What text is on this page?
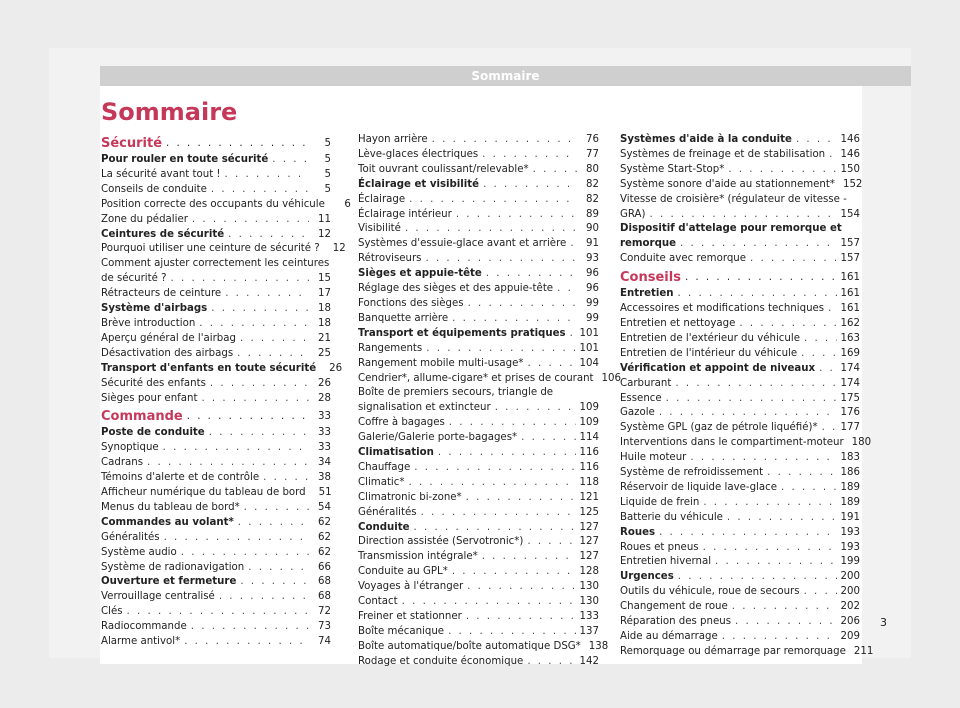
Sommaire
Sommaire
Sécurité . . .	5
Pour rouler en toute sécurité . . .	5
La sécurité avant tout ! . . .	5
Conseils de conduite . . .	5
Position correcte des occupants du véhicule	6
Zone du pédalier . . .	11
Ceintures de sécurité . . .	12
Pourquoi utiliser une ceinture de sécurité ?	12
Comment ajuster correctement les ceintures
de sécurité ? . . .	15
Rétracteurs de ceinture . . .	17
Système d'airbags . . .	18
Brève introduction . . .	18
Aperçu général de l'airbag . . .	21
Désactivation des airbags . . .	25
Transport d'enfants en toute sécurité	26
Sécurité des enfants . . .	26
Sièges pour enfant . . .	28
Commande . . .	33
Poste de conduite . . .	33
Synoptique . . .	33
Cadrans . . .	34
Témoins d'alerte et de contrôle . . .	38
Afficheur numérique du tableau de bord	51
Menus du tableau de bord* . . .	54
Commandes au volant* . . .	62
Généralités . . .	62
Système audio . . .	62
Système de radionavigation . . .	66
Ouverture et fermeture . . .	68
Verrouillage centralisé . . .	68
Clés . . .	72
Radiocommande . . .	73
Alarme antivol* . . .	74
Hayon arrière . . .	76
Lève-glaces électriques . . .	77
Toit ouvrant coulissant/relevable* . . .	80
Éclairage et visibilité . . .	82
Éclairage . . .	82
Éclairage intérieur . . .	89
Visibilité . . .	90
Systèmes d'essuie-glace avant et arrière . . .	91
Rétroviseurs . . .	93
Sièges et appuie-tête . . .	96
Réglage des sièges et des appuie-tête . . .	96
Fonctions des sièges . . .	99
Banquette arrière . . .	99
Transport et équipements pratiques . . . 101
Rangements . . .	101
Rangement mobile multi-usage* . . .	104
Cendrier*, allume-cigare* et prises de courant 106
Boîte de premiers secours, triangle de
signalisation et extincteur . . .	109
Coffre à bagages . . .	109
Galerie/Galerie porte-bagages* . . .	114
Climatisation . . .	116
Chauffage . . .	116
Climatic* . . .	118
Climatronic bi-zone* . . .	121
Généralités . . .	125
Conduite . . .	127
Direction assistée (Servotronic*) . . .	127
Transmission intégrale* . . .	127
Conduite au GPL* . . .	128
Voyages à l'étranger . . .	130
Contact . . .	130
Freiner et stationner . . .	133
Boîte mécanique . . .	137
Boîte automatique/boîte automatique DSG* 138
Rodage et conduite économique . . .	142
Systèmes d'aide à la conduite . . .	146
Systèmes de freinage et de stabilisation . . . 146
Système Start-Stop* . . .	150
Système sonore d'aide au stationnement* 152
Vitesse de croisière* (régulateur de vitesse -
GRA) . . .	154
Dispositif d'attelage pour remorque et
remorque . . .	157
Conduite avec remorque . . .	157
Conseils . . .	161
Entretien . . .	161
Accessoires et modifications techniques . . . 161
Entretien et nettoyage . . .	162
Entretien de l'extérieur du véhicule . . .	163
Entretien de l'intérieur du véhicule . . .	169
Vérification et appoint de niveaux . . . 174
Carburant . . .	174
Essence . . .	175
Gazole . . .	176
Système GPL (gaz de pétrole liquéfié)* . . . 177
Interventions dans le compartiment-moteur 180
Huile moteur . . .	183
Système de refroidissement . . .	186
Réservoir de liquide lave-glace . . .	189
Liquide de frein . . .	189
Batterie du véhicule . . .	191
Roues . . .	193
Roues et pneus . . .	193
Entretien hivernal . . .	199
Urgences . . .	200
Outils du véhicule, roue de secours . . .	200
Changement de roue . . .	202
Réparation des pneus . . .	206
Aide au démarrage . . .	209
Remorquage ou démarrage par remorquage 211
3
